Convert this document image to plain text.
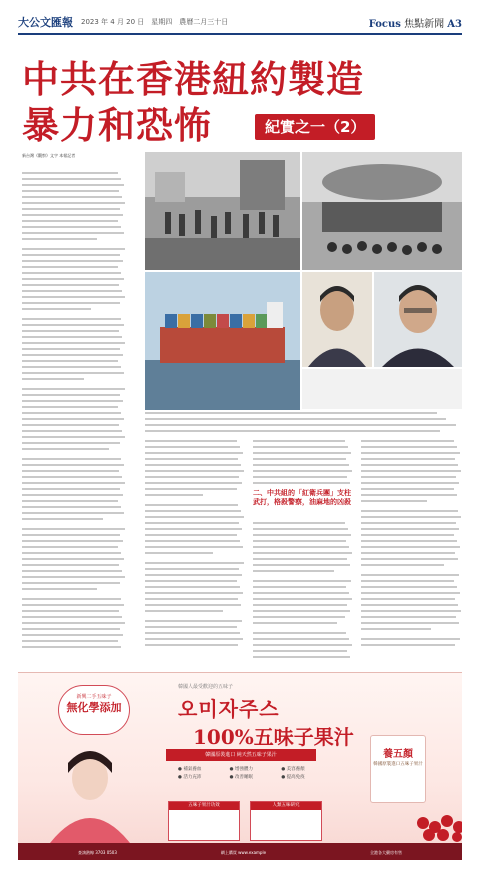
大公文匯報 2023 年 4 月 20 日　星期四　農曆二月三十日	Focus 焦點新聞 A3
中共在香港紐約製造
暴力和恐怖	紀實之一（2）
新台灣《觀察》文字 本報記者
二、中共組的「紅衛兵團」支柱武打，格殺警察，油麻地的凶殺
新興二手五味子
無化學添加
韓國人最受歡迎的五味子
오미자주스
100%五味子果汁
韓國原裝進口 純天然五味子果汁
● 補氣養血
● 活力充沛
● 增強體力
● 改善睡眠
● 美容養顏
● 提高免疫
五味子果汁功效	人類五味研究
養五顏
韓國原裝進口五味子果汁
查詢熱線 3703 0503	網上購買 www.example	全港各大藥房有售
